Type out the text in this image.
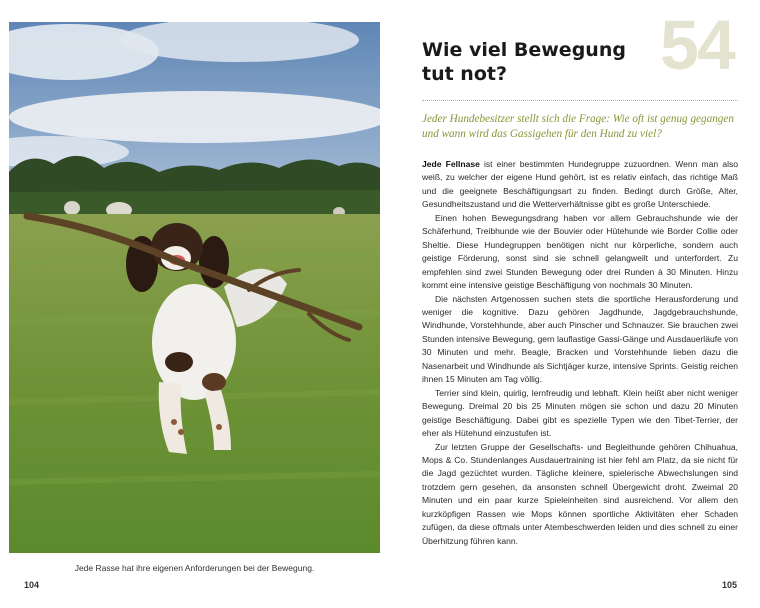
Jede Rasse hat ihre eigenen Anforderungen bei der Bewegung.
104
54
Wie viel Bewegung
tut not?
Jeder Hundebesitzer stellt sich die Frage: Wie oft ist genug gegangen und wann wird das Gassigehen für den Hund zu viel?

Jede Fellnase ist einer bestimmten Hundegruppe zuzuordnen. Wenn man also weiß, zu welcher der eigene Hund gehört, ist es relativ einfach, das richtige Maß und die geeignete Beschäftigungsart zu finden. Bedingt durch Größe, Alter, Gesundheitszustand und die Wetterverhältnisse gibt es große Unterschiede.

Einen hohen Bewegungsdrang haben vor allem Gebrauchshunde wie der Schäferhund, Treibhunde wie der Bouvier oder Hütehunde wie Border Collie oder Sheltie. Diese Hundegruppen benötigen nicht nur körperliche, sondern auch geistige Förderung, sonst sind sie schnell gelangweilt und unterfordert. Zu empfehlen sind zwei Stunden Bewegung oder drei Runden à 30 Minuten. Hinzu kommt eine intensive geistige Beschäftigung von nochmals 30 Minuten.

Die nächsten Artgenossen suchen stets die sportliche Herausforderung und weniger die kognitive. Dazu gehören Jagdhunde, Jagdgebrauchshunde, Windhunde, Vorstehhunde, aber auch Pinscher und Schnauzer. Sie brauchen zwei Stunden intensive Bewegung, gern lauflastige Gassi-Gänge und Ausdauerläufe von 30 Minuten und mehr. Beagle, Bracken und Vorstehhunde lieben dazu die Nasenarbeit und Windhunde als Sichtjäger kurze, intensive Sprints. Geistig reichen ihnen 15 Minuten am Tag völlig.

Terrier sind klein, quirlig, lernfreudig und lebhaft. Klein heißt aber nicht weniger Bewegung. Dreimal 20 bis 25 Minuten mögen sie schon und dazu 20 Minuten geistige Beschäftigung. Dabei gibt es spezielle Typen wie den Tibet-Terrier, der eher als Hütehund einzustufen ist.

Zur letzten Gruppe der Gesellschafts- und Begleithunde gehören Chihuahua, Mops & Co. Stundenlanges Ausdauertraining ist hier fehl am Platz, da sie nicht für die Jagd gezüchtet wurden. Tägliche kleinere, spielerische Abwechslungen sind trotzdem gern gesehen, da ansonsten schnell Übergewicht droht. Zweimal 20 Minuten und ein paar kurze Spieleinheiten sind ausreichend. Vor allem den kurzköpfigen Rassen wie Mops können sportliche Aktivitäten eher Schaden zufügen, da diese oftmals unter Atembeschwerden leiden und dies schnell zu einer Überhitzung führen kann.

105
